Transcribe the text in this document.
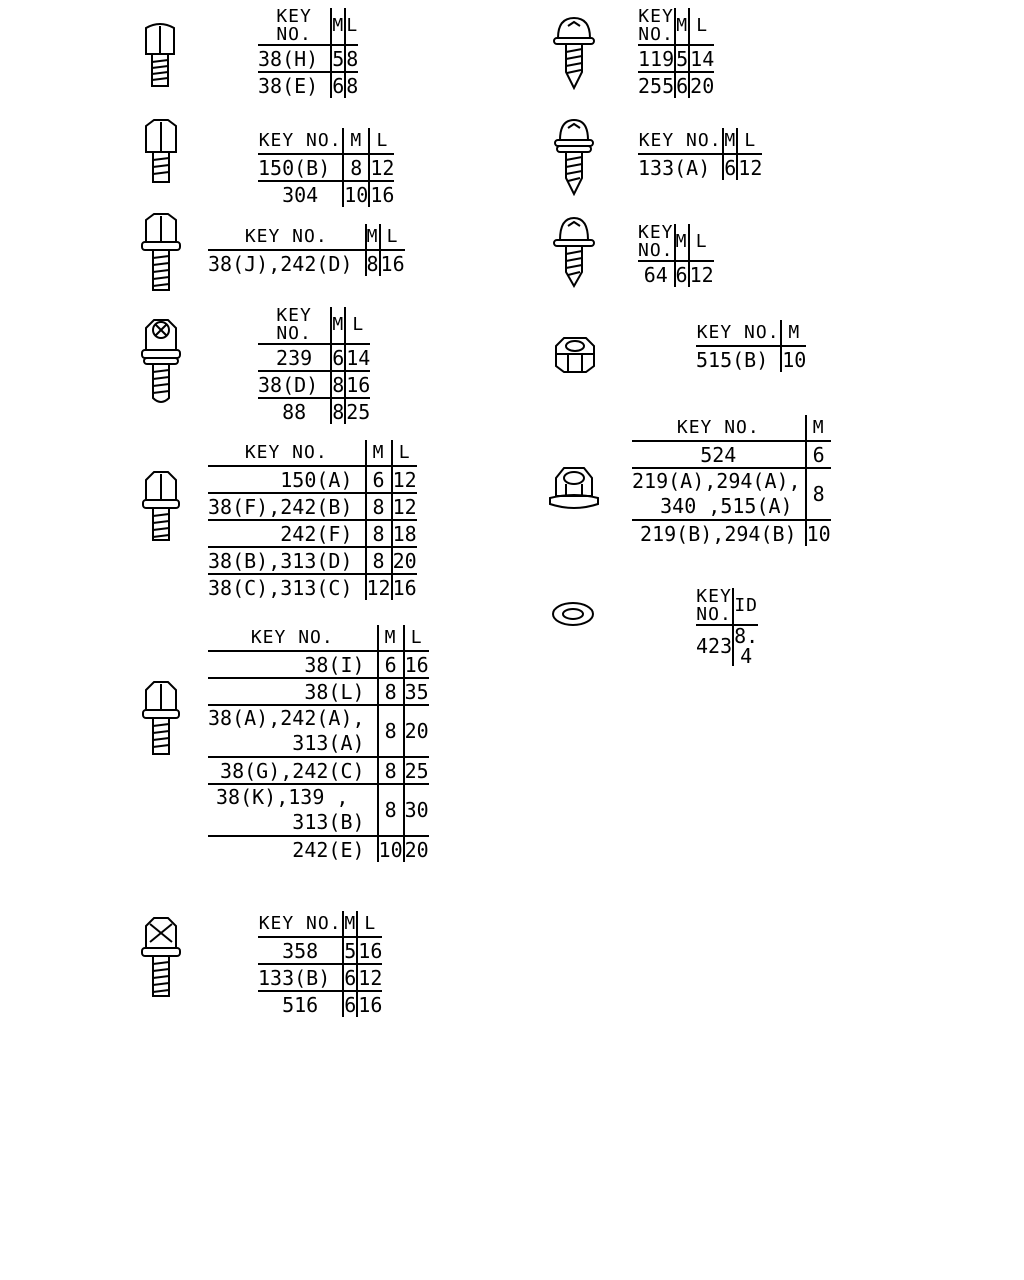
KEY NO.	M	L
38(H)	5	8
38(E)	6	8
KEY NO.	M	L
150(B)	8	12
304	10	16
KEY NO.	M	L
38(J),242(D)	8	16
KEY NO.	M	L
239	6	14
38(D)	8	16
88	8	25
KEY NO.	M	L
150(A)	6	12
38(F),242(B)	8	12
242(F)	8	18
38(B),313(D)	8	20
38(C),313(C)	12	16
KEY NO.	M	L
38(I)	6	16
38(L)	8	35

38(A),242(A),
313(A)	8	20
38(G),242(C)	8	25

38(K),139 ,
313(B)	8	30
242(E)	10	20
KEY NO.	M	L
358	5	16
133(B)	6	12
516	6	16
KEY NO.	M	L
119	5	14
255	6	20
KEY NO.	M	L
133(A)	6	12
KEY NO.	M	L
64	6	12
KEY NO.	M
515(B)	10
KEY NO.	M
524	6

219(A),294(A),
340 ,515(A)	8
219(B),294(B)	10
KEY NO.	ID
423	8. 4
